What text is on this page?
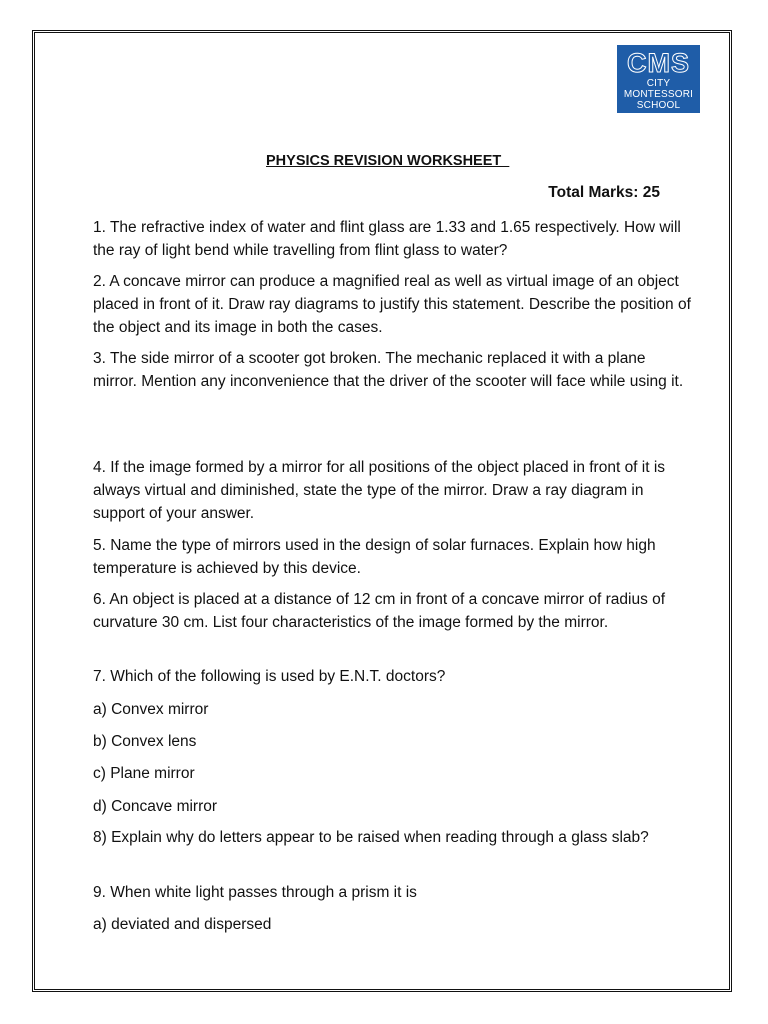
CMS
CITY
MONTESSORI
SCHOOL
PHYSICS REVISION WORKSHEET
Total Marks: 25

1. The refractive index of water and flint glass are 1.33 and 1.65 respectively. How will the ray of light bend while travelling from flint glass to water?

2. A concave mirror can produce a magnified real as well as virtual image of an object placed in front of it. Draw ray diagrams to justify this statement. Describe the position of the object and its image in both the cases.

3. The side mirror of a scooter got broken. The mechanic replaced it with a plane mirror. Mention any inconvenience that the driver of the scooter will face while using it.

4. If the image formed by a mirror for all positions of the object placed in front of it is always virtual and diminished, state the type of the mirror. Draw a ray diagram in support of your answer.

5. Name the type of mirrors used in the design of solar furnaces. Explain how high temperature is achieved by this device.

6. An object is placed at a distance of 12 cm in front of a concave mirror of radius of curvature 30 cm. List four characteristics of the image formed by the mirror.

7. Which of the following is used by E.N.T. doctors?

a) Convex mirror

b) Convex lens

c) Plane mirror

d) Concave mirror

8) Explain why do letters appear to be raised when reading through a glass slab?

9. When white light passes through a prism it is

a) deviated and dispersed
